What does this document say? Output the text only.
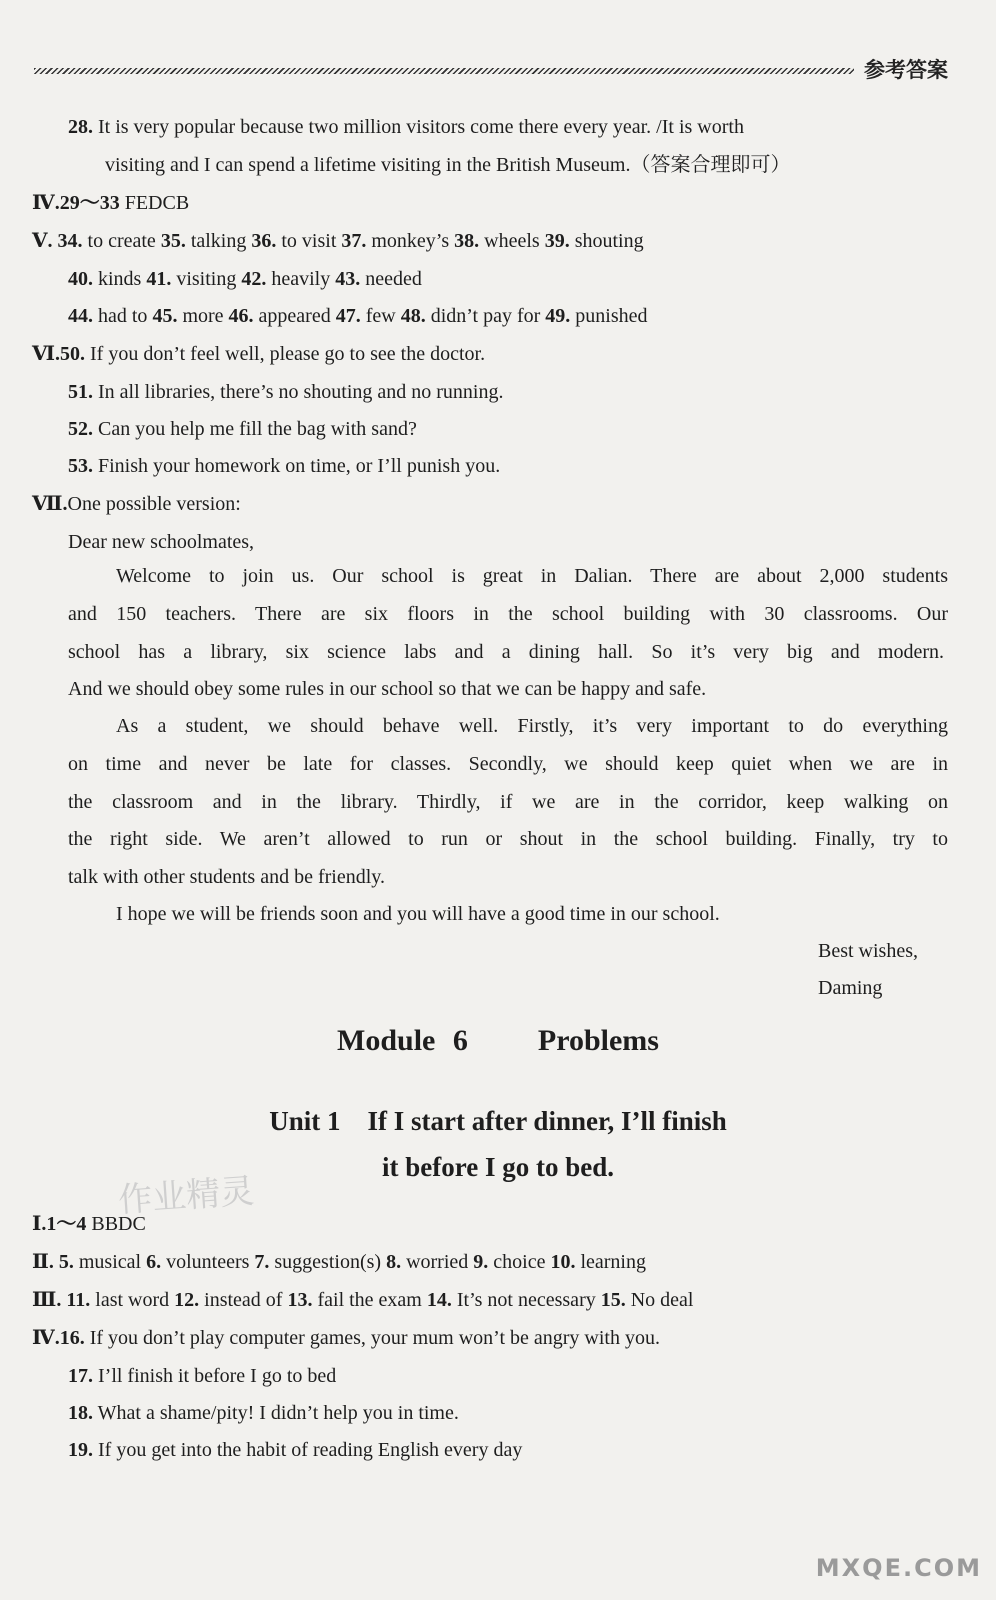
参考答案
28. It is very popular because two million visitors come there every year. /It is worth
visiting and I can spend a lifetime visiting in the British Museum.（答案合理即可）
Ⅳ.29～33 FEDCB
Ⅴ. 34. to create 35. talking 36. to visit 37. monkey’s 38. wheels 39. shouting
40. kinds 41. visiting 42. heavily 43. needed
44. had to 45. more 46. appeared 47. few 48. didn’t pay for 49. punished
Ⅵ.50. If you don’t feel well, please go to see the doctor.
51. In all libraries, there’s no shouting and no running.
52. Can you help me fill the bag with sand?
53. Finish your homework on time, or I’ll punish you.
Ⅶ.One possible version:
Dear new schoolmates,
Welcome to join us. Our school is great in Dalian. There are about 2,000 students
and 150 teachers. There are six floors in the school building with 30 classrooms. Our
school has a library, six science labs and a dining hall. So it’s very big and modern.
And we should obey some rules in our school so that we can be happy and safe.
As a student, we should behave well. Firstly, it’s very important to do everything
on time and never be late for classes. Secondly, we should keep quiet when we are in
the classroom and in the library. Thirdly, if we are in the corridor, keep walking on
the right side. We aren’t allowed to run or shout in the school building. Finally, try to
talk with other students and be friendly.
I hope we will be friends soon and you will have a good time in our school.
Best wishes,
Daming
Module 6    Problems
Unit 1    If I start after dinner, I’ll finish
it before I go to bed.
作业精灵
Ⅰ.1～4 BBDC
Ⅱ. 5. musical 6. volunteers 7. suggestion(s) 8. worried 9. choice 10. learning
Ⅲ. 11. last word 12. instead of 13. fail the exam 14. It’s not necessary 15. No deal
Ⅳ.16. If you don’t play computer games, your mum won’t be angry with you.
17. I’ll finish it before I go to bed
18. What a shame/pity! I didn’t help you in time.
19. If you get into the habit of reading English every day
MXQE.COM
